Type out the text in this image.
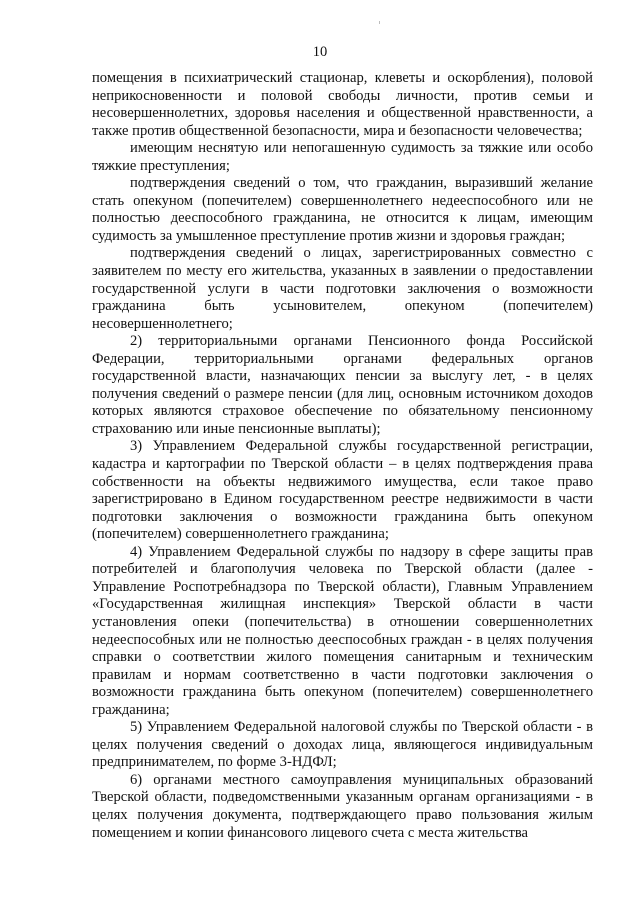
10

помещения в психиатрический стационар, клеветы и оскорбления), половой неприкосновенности и половой свободы личности, против семьи и несовершеннолетних, здоровья населения и общественной нравственности, а также против общественной безопасности, мира и безопасности человечества;

имеющим неснятую или непогашенную судимость за тяжкие или особо тяжкие преступления;

подтверждения сведений о том, что гражданин, выразивший желание стать опекуном (попечителем) совершеннолетнего недееспособного или не полностью дееспособного гражданина, не относится к лицам, имеющим судимость за умышленное преступление против жизни и здоровья граждан;

подтверждения сведений о лицах, зарегистрированных совместно с заявителем по месту его жительства, указанных в заявлении о предоставлении государственной услуги в части подготовки заключения о возможности гражданина быть усыновителем, опекуном (попечителем) несовершеннолетнего;

2) территориальными органами Пенсионного фонда Российской Федерации, территориальными органами федеральных органов государственной власти, назначающих пенсии за выслугу лет, - в целях получения сведений о размере пенсии (для лиц, основным источником доходов которых являются страховое обеспечение по обязательному пенсионному страхованию или иные пенсионные выплаты);

3) Управлением Федеральной службы государственной регистрации, кадастра и картографии по Тверской области – в целях подтверждения права собственности на объекты недвижимого имущества, если такое право зарегистрировано в Едином государственном реестре недвижимости в части подготовки заключения о возможности гражданина быть опекуном (попечителем) совершеннолетнего гражданина;

4) Управлением Федеральной службы по надзору в сфере защиты прав потребителей и благополучия человека по Тверской области (далее - Управление Роспотребнадзора по Тверской области), Главным Управлением «Государственная жилищная инспекция» Тверской области в части установления опеки (попечительства) в отношении совершеннолетних недееспособных или не полностью дееспособных граждан - в целях получения справки о соответствии жилого помещения санитарным и техническим правилам и нормам соответственно в части подготовки заключения о возможности гражданина быть опекуном (попечителем) совершеннолетнего гражданина;

5) Управлением Федеральной налоговой службы по Тверской области - в целях получения сведений о доходах лица, являющегося индивидуальным предпринимателем, по форме 3-НДФЛ;

6) органами местного самоуправления муниципальных образований Тверской области, подведомственными указанным органам организациями - в целях получения документа, подтверждающего право пользования жилым помещением и копии финансового лицевого счета с места жительства
